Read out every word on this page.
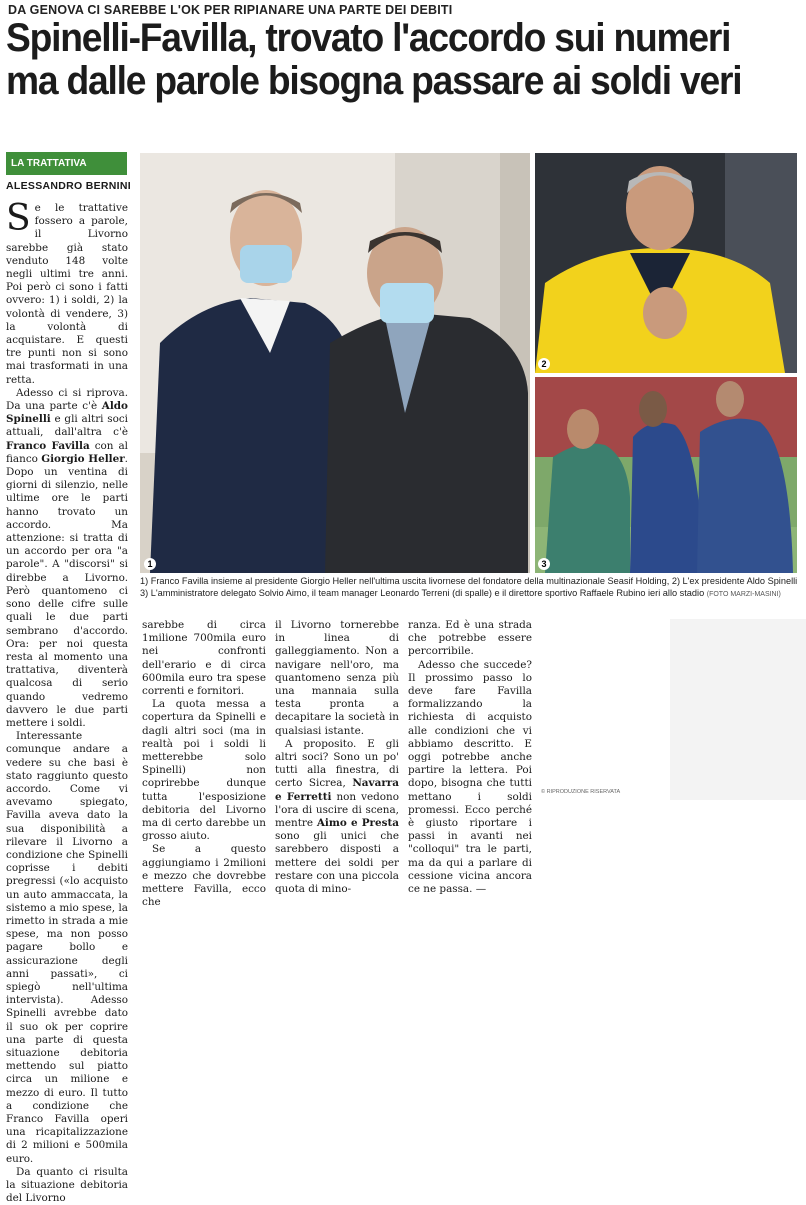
DA GENOVA CI SAREBBE L'OK PER RIPIANARE UNA PARTE DEI DEBITI
Spinelli-Favilla, trovato l'accordo sui numeri
ma dalle parole bisogna passare ai soldi veri
LA TRATTATIVA
ALESSANDRO BERNINI

Se le trattative fossero a parole, il Livorno sarebbe già stato venduto 148 volte negli ultimi tre anni. Poi però ci sono i fatti ovvero: 1) i soldi, 2) la volontà di vendere, 3) la volontà di acquistare. E questi tre punti non si sono mai trasformati in una retta.

Adesso ci si riprova. Da una parte c'è Aldo Spinelli e gli altri soci attuali, dall'altra c'è Franco Favilla con al fianco Giorgio Heller. Dopo un ventina di giorni di silenzio, nelle ultime ore le parti hanno trovato un accordo. Ma attenzione: si tratta di un accordo per ora "a parole". A "discorsi" si direbbe a Livorno. Però quantomeno ci sono delle cifre sulle quali le due parti sembrano d'accordo. Ora: per noi questa resta al momento una trattativa, diventerà qualcosa di serio quando vedremo davvero le due parti mettere i soldi.

Interessante comunque andare a vedere su che basi è stato raggiunto questo accordo. Come vi avevamo spiegato, Favilla aveva dato la sua disponibilità a rilevare il Livorno a condizione che Spinelli coprisse i debiti pregressi («lo acquisto un auto ammaccata, la sistemo a mio spese, la rimetto in strada a mie spese, ma non posso pagare bollo e assicurazione degli anni passati», ci spiegò nell'ultima intervista). Adesso Spinelli avrebbe dato il suo ok per coprire una parte di questa situazione debitoria mettendo sul piatto circa un milione e mezzo di euro. Il tutto a condizione che Franco Favilla operi una ricapitalizzazione di 2 milioni e 500mila euro.

Da quanto ci risulta la situazione debitoria del Livorno

1
2
3
1) Franco Favilla insieme al presidente Giorgio Heller nell'ultima uscita livornese del fondatore della multinazionale Seasif Holding, 2) L'ex presidente Aldo Spinelli
3) L'amministratore delegato Solvio Aimo, il team manager Leonardo Terreni (di spalle) e il direttore sportivo Raffaele Rubino ieri allo stadio (FOTO MARZI-MASINI)

sarebbe di circa 1milione 700mila euro nei confronti dell'erario e di circa 600mila euro tra spese correnti e fornitori.

La quota messa a copertura da Spinelli e dagli altri soci (ma in realtà poi i soldi li metterebbe solo Spinelli) non coprirebbe dunque tutta l'esposizione debitoria del Livorno ma di certo darebbe un grosso aiuto.

Se a questo aggiungiamo i 2milioni e mezzo che dovrebbe mettere Favilla, ecco che

il Livorno tornerebbe in linea di galleggiamento. Non a navigare nell'oro, ma quantomeno senza più una mannaia sulla testa pronta a decapitare la società in qualsiasi istante.

A proposito. E gli altri soci? Sono un po' tutti alla finestra, di certo Sicrea, Navarra e Ferretti non vedono l'ora di uscire di scena, mentre Aimo e Presta sono gli unici che sarebbero disposti a mettere dei soldi per restare con una piccola quota di mino-

ranza. Ed è una strada che potrebbe essere percorribile.

Adesso che succede? Il prossimo passo lo deve fare Favilla formalizzando la richiesta di acquisto alle condizioni che vi abbiamo descritto. E oggi potrebbe anche partire la lettera. Poi dopo, bisogna che tutti mettano i soldi promessi. Ecco perché è giusto riportare i passi in avanti nei "colloqui" tra le parti, ma da qui a parlare di cessione vicina ancora ce ne passa. —

© RIPRODUZIONE RISERVATA
